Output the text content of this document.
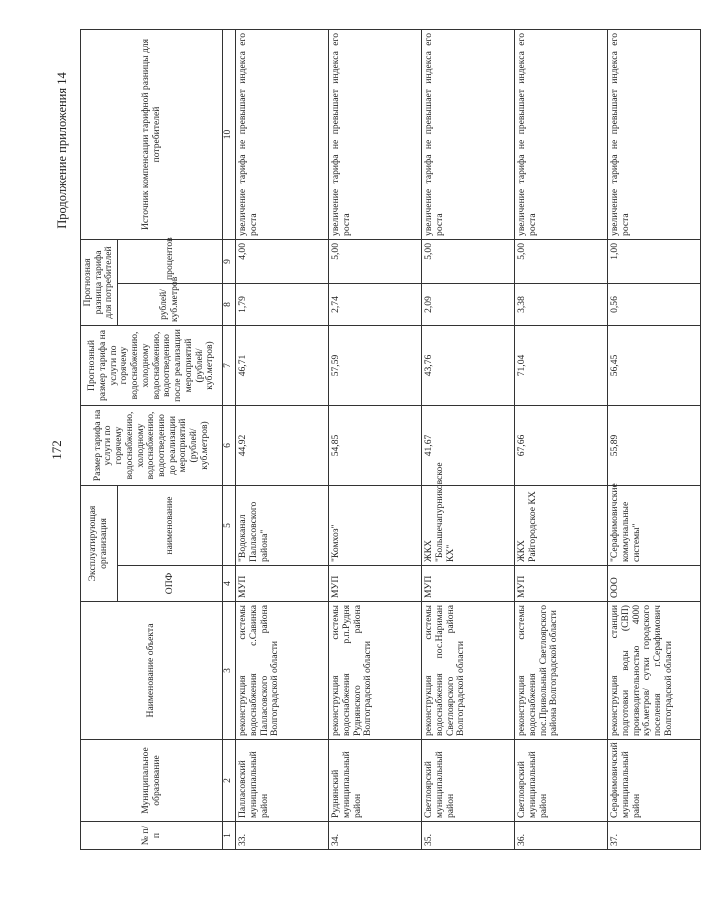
172
Продолжение приложения 14
№ п/п	Муниципальное образование	Наименование объекта	Эксплуатирующая организация		Размер тарифа на услуги по горячему водоснабжению, холодному водоснабжению, водоотведению до реализации мероприятий (рублей/ куб.метров)	Прогнозный размер тарифа на услуги по горячему водоснабжению, холодному водоснабжению, водоотведению после реализации мероприятий (рублей/ куб.метров)	Прогнозная разница тарифа для потребителей		Источник компенсации тарифной разницы для потребителей
			ОПФ	наименование			рублей/ куб.метров	процентов	
1	2	3	4	5	6	7	8	9	10
33.	Палласовский муниципальный район	реконструкция системы водоснабжения с.Савинка Палласовского района Волгоградской области	МУП	"Водоканал Палласовского района"	44,92	46,71	1,79	4,00	увеличение тарифа не превышает индекса его роста
34.	Руднянский муниципальный район	реконструкция системы водоснабжения р.п.Рудня Руднянского района Волгоградской области	МУП	"Комхоз"	54,85	57,59	2,74	5,00	увеличение тарифа не превышает индекса его роста
35.	Светлоярский муниципальный район	реконструкция системы водоснабжения пос.Нариман Светлоярского района Волгоградской области	МУП	ЖКХ "Большечапурниковское КХ"	41,67	43,76	2,09	5,00	увеличение тарифа не превышает индекса его роста
36.	Светлоярский муниципальный район	реконструкция системы водоснабжения пос.Привольный Светлоярского района Волгоградской области	МУП	ЖКХ Райгородское КХ	67,66	71,04	3,38	5,00	увеличение тарифа не превышает индекса его роста
37.	Серафимовичский муниципальный район	реконструкция станции подготовки воды (СВП) производительностью 4000 куб.метров/ сутки городского поселения г.Серафимович Волгоградской области	ООО	"Серафимовичские коммунальные системы"	55,89	56,45	0,56	1,00	увеличение тарифа не превышает индекса его роста
